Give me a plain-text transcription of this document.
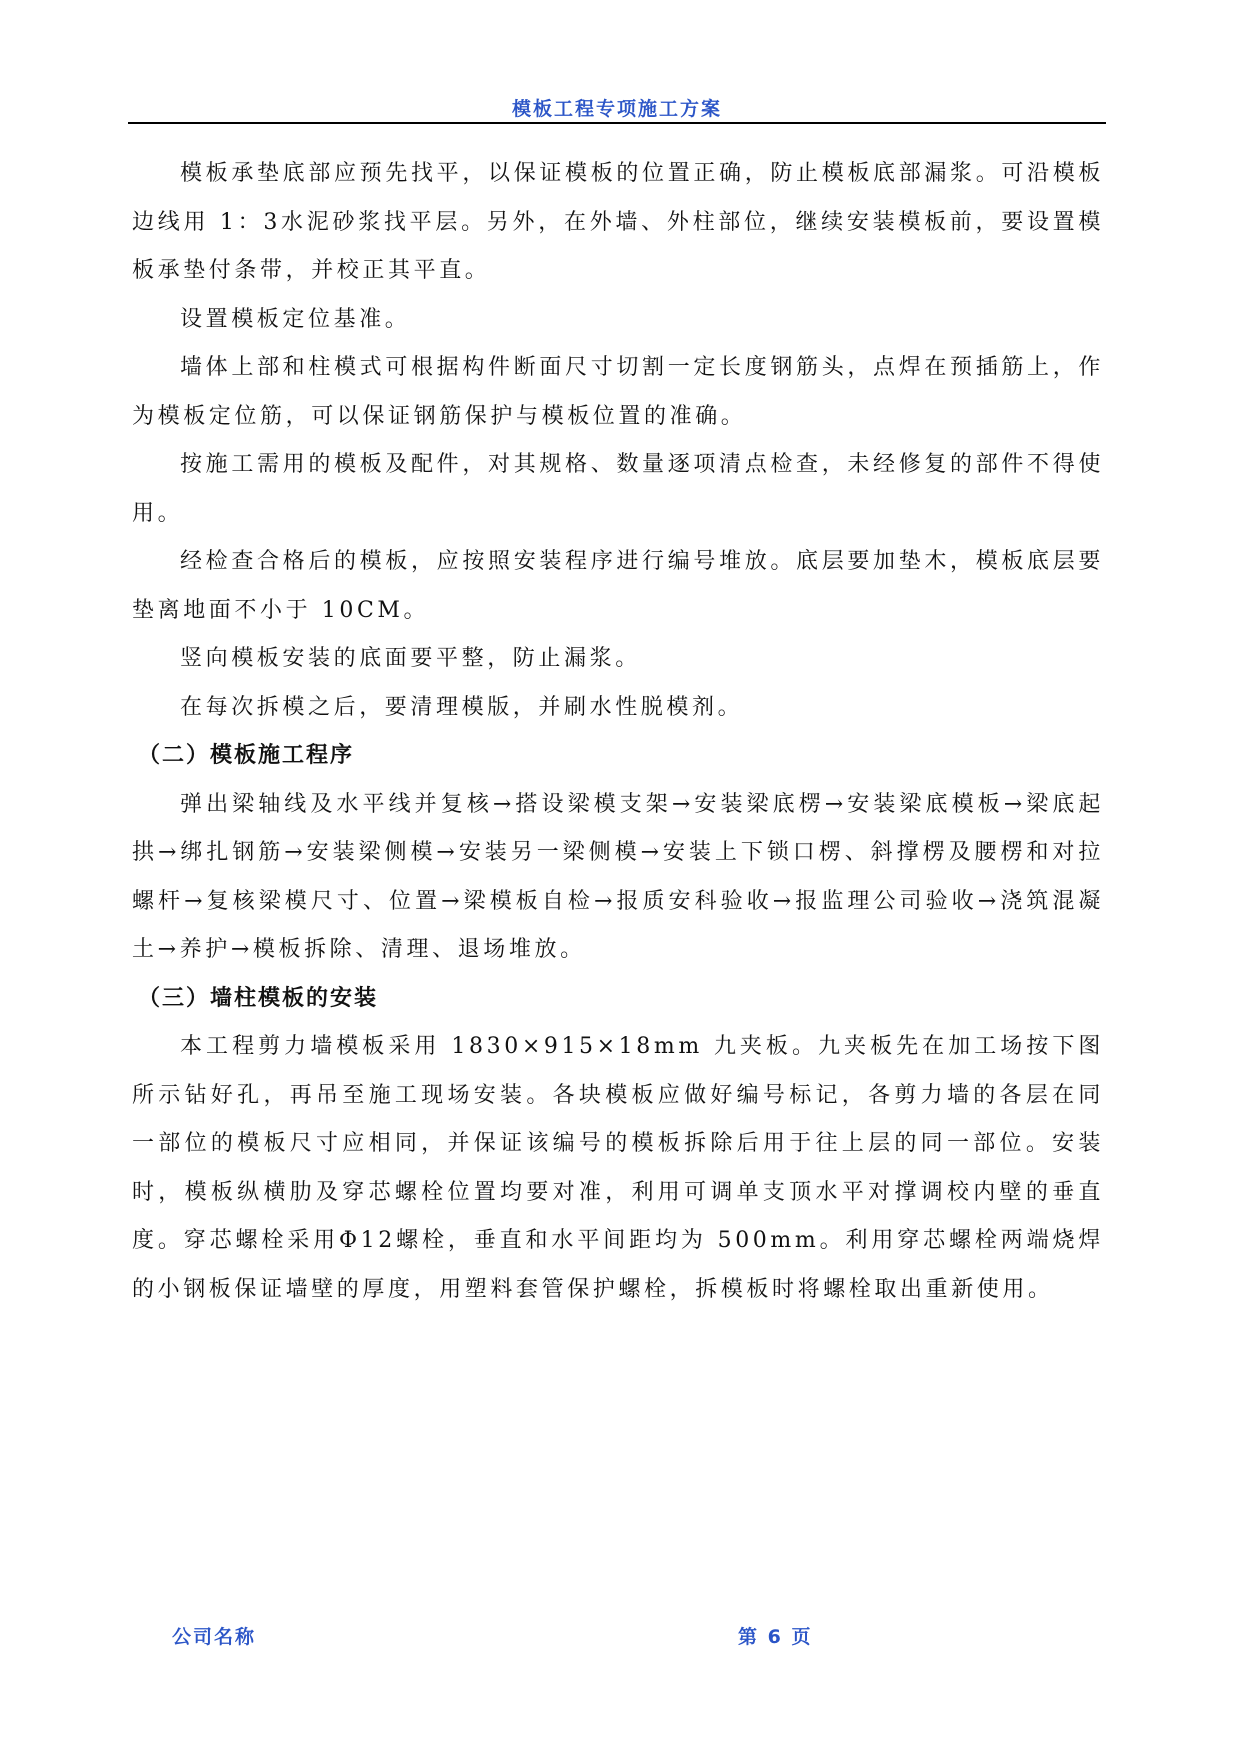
模板工程专项施工方案

模板承垫底部应预先找平，以保证模板的位置正确，防止模板底部漏浆。可沿模板边线用 1：3水泥砂浆找平层。另外，在外墙、外柱部位，继续安装模板前，要设置模板承垫付条带，并校正其平直。

设置模板定位基准。

墙体上部和柱模式可根据构件断面尺寸切割一定长度钢筋头，点焊在预插筋上，作为模板定位筋，可以保证钢筋保护与模板位置的准确。

按施工需用的模板及配件，对其规格、数量逐项清点检查，未经修复的部件不得使用。

经检查合格后的模板，应按照安装程序进行编号堆放。底层要加垫木，模板底层要垫离地面不小于 10CM。

竖向模板安装的底面要平整，防止漏浆。

在每次拆模之后，要清理模版，并刷水性脱模剂。

（二）模板施工程序

弹出梁轴线及水平线并复核→搭设梁模支架→安装梁底楞→安装梁底模板→梁底起拱→绑扎钢筋→安装梁侧模→安装另一梁侧模→安装上下锁口楞、斜撑楞及腰楞和对拉螺杆→复核梁模尺寸、位置→梁模板自检→报质安科验收→报监理公司验收→浇筑混凝土→养护→模板拆除、清理、退场堆放。

（三）墙柱模板的安装

本工程剪力墙模板采用 1830×915×18mm 九夹板。九夹板先在加工场按下图所示钻好孔，再吊至施工现场安装。各块模板应做好编号标记，各剪力墙的各层在同一部位的模板尺寸应相同，并保证该编号的模板拆除后用于往上层的同一部位。安装时，模板纵横肋及穿芯螺栓位置均要对准，利用可调单支顶水平对撑调校内壁的垂直度。穿芯螺栓采用Φ12螺栓，垂直和水平间距均为 500mm。利用穿芯螺栓两端烧焊的小钢板保证墙壁的厚度，用塑料套管保护螺栓，拆模板时将螺栓取出重新使用。

公司名称	第 6 页
